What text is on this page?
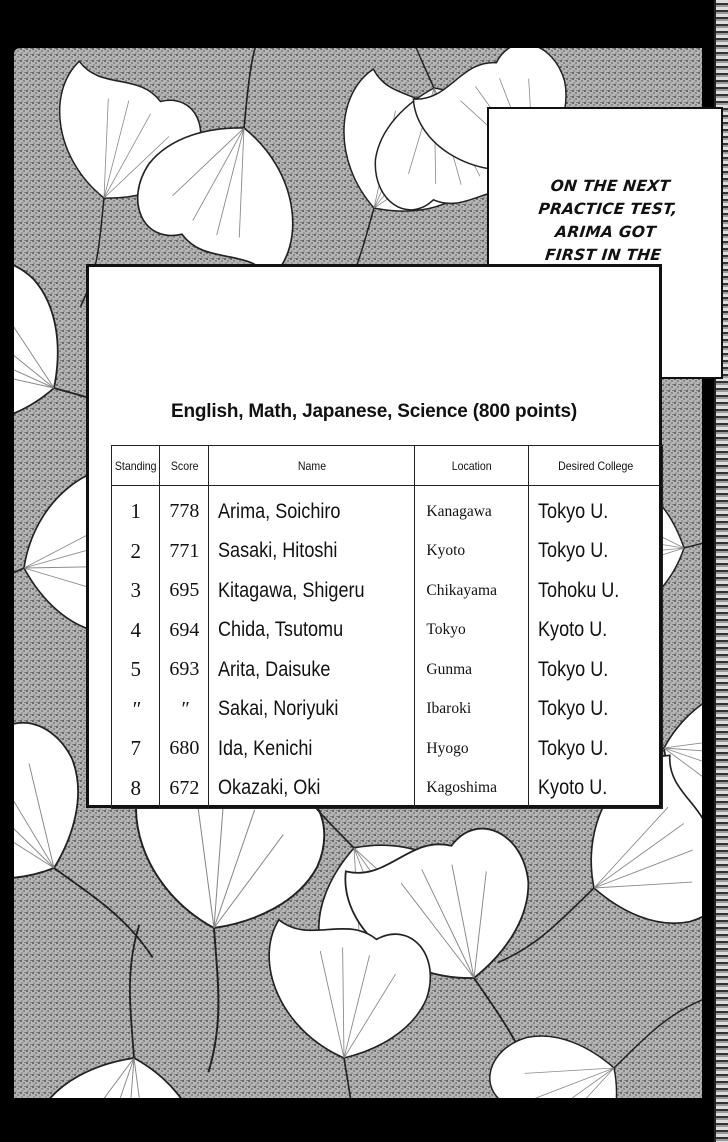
ON THE NEXT
PRACTICE TEST,
ARIMA GOT
FIRST IN THE
English, Math, Japanese, Science (800 points)
Standing	Score	Name	Location	Desired College
1	778	Arima, Soichiro	Kanagawa	Tokyo U.
2	771	Sasaki, Hitoshi	Kyoto	Tokyo U.
3	695	Kitagawa, Shigeru	Chikayama	Tohoku U.
4	694	Chida, Tsutomu	Tokyo	Kyoto U.
5	693	Arita, Daisuke	Gunma	Tokyo U.
″	″	Sakai, Noriyuki	Ibaroki	Tokyo U.
7	680	Ida, Kenichi	Hyogo	Tokyo U.
8	672	Okazaki, Oki	Kagoshima	Kyoto U.
